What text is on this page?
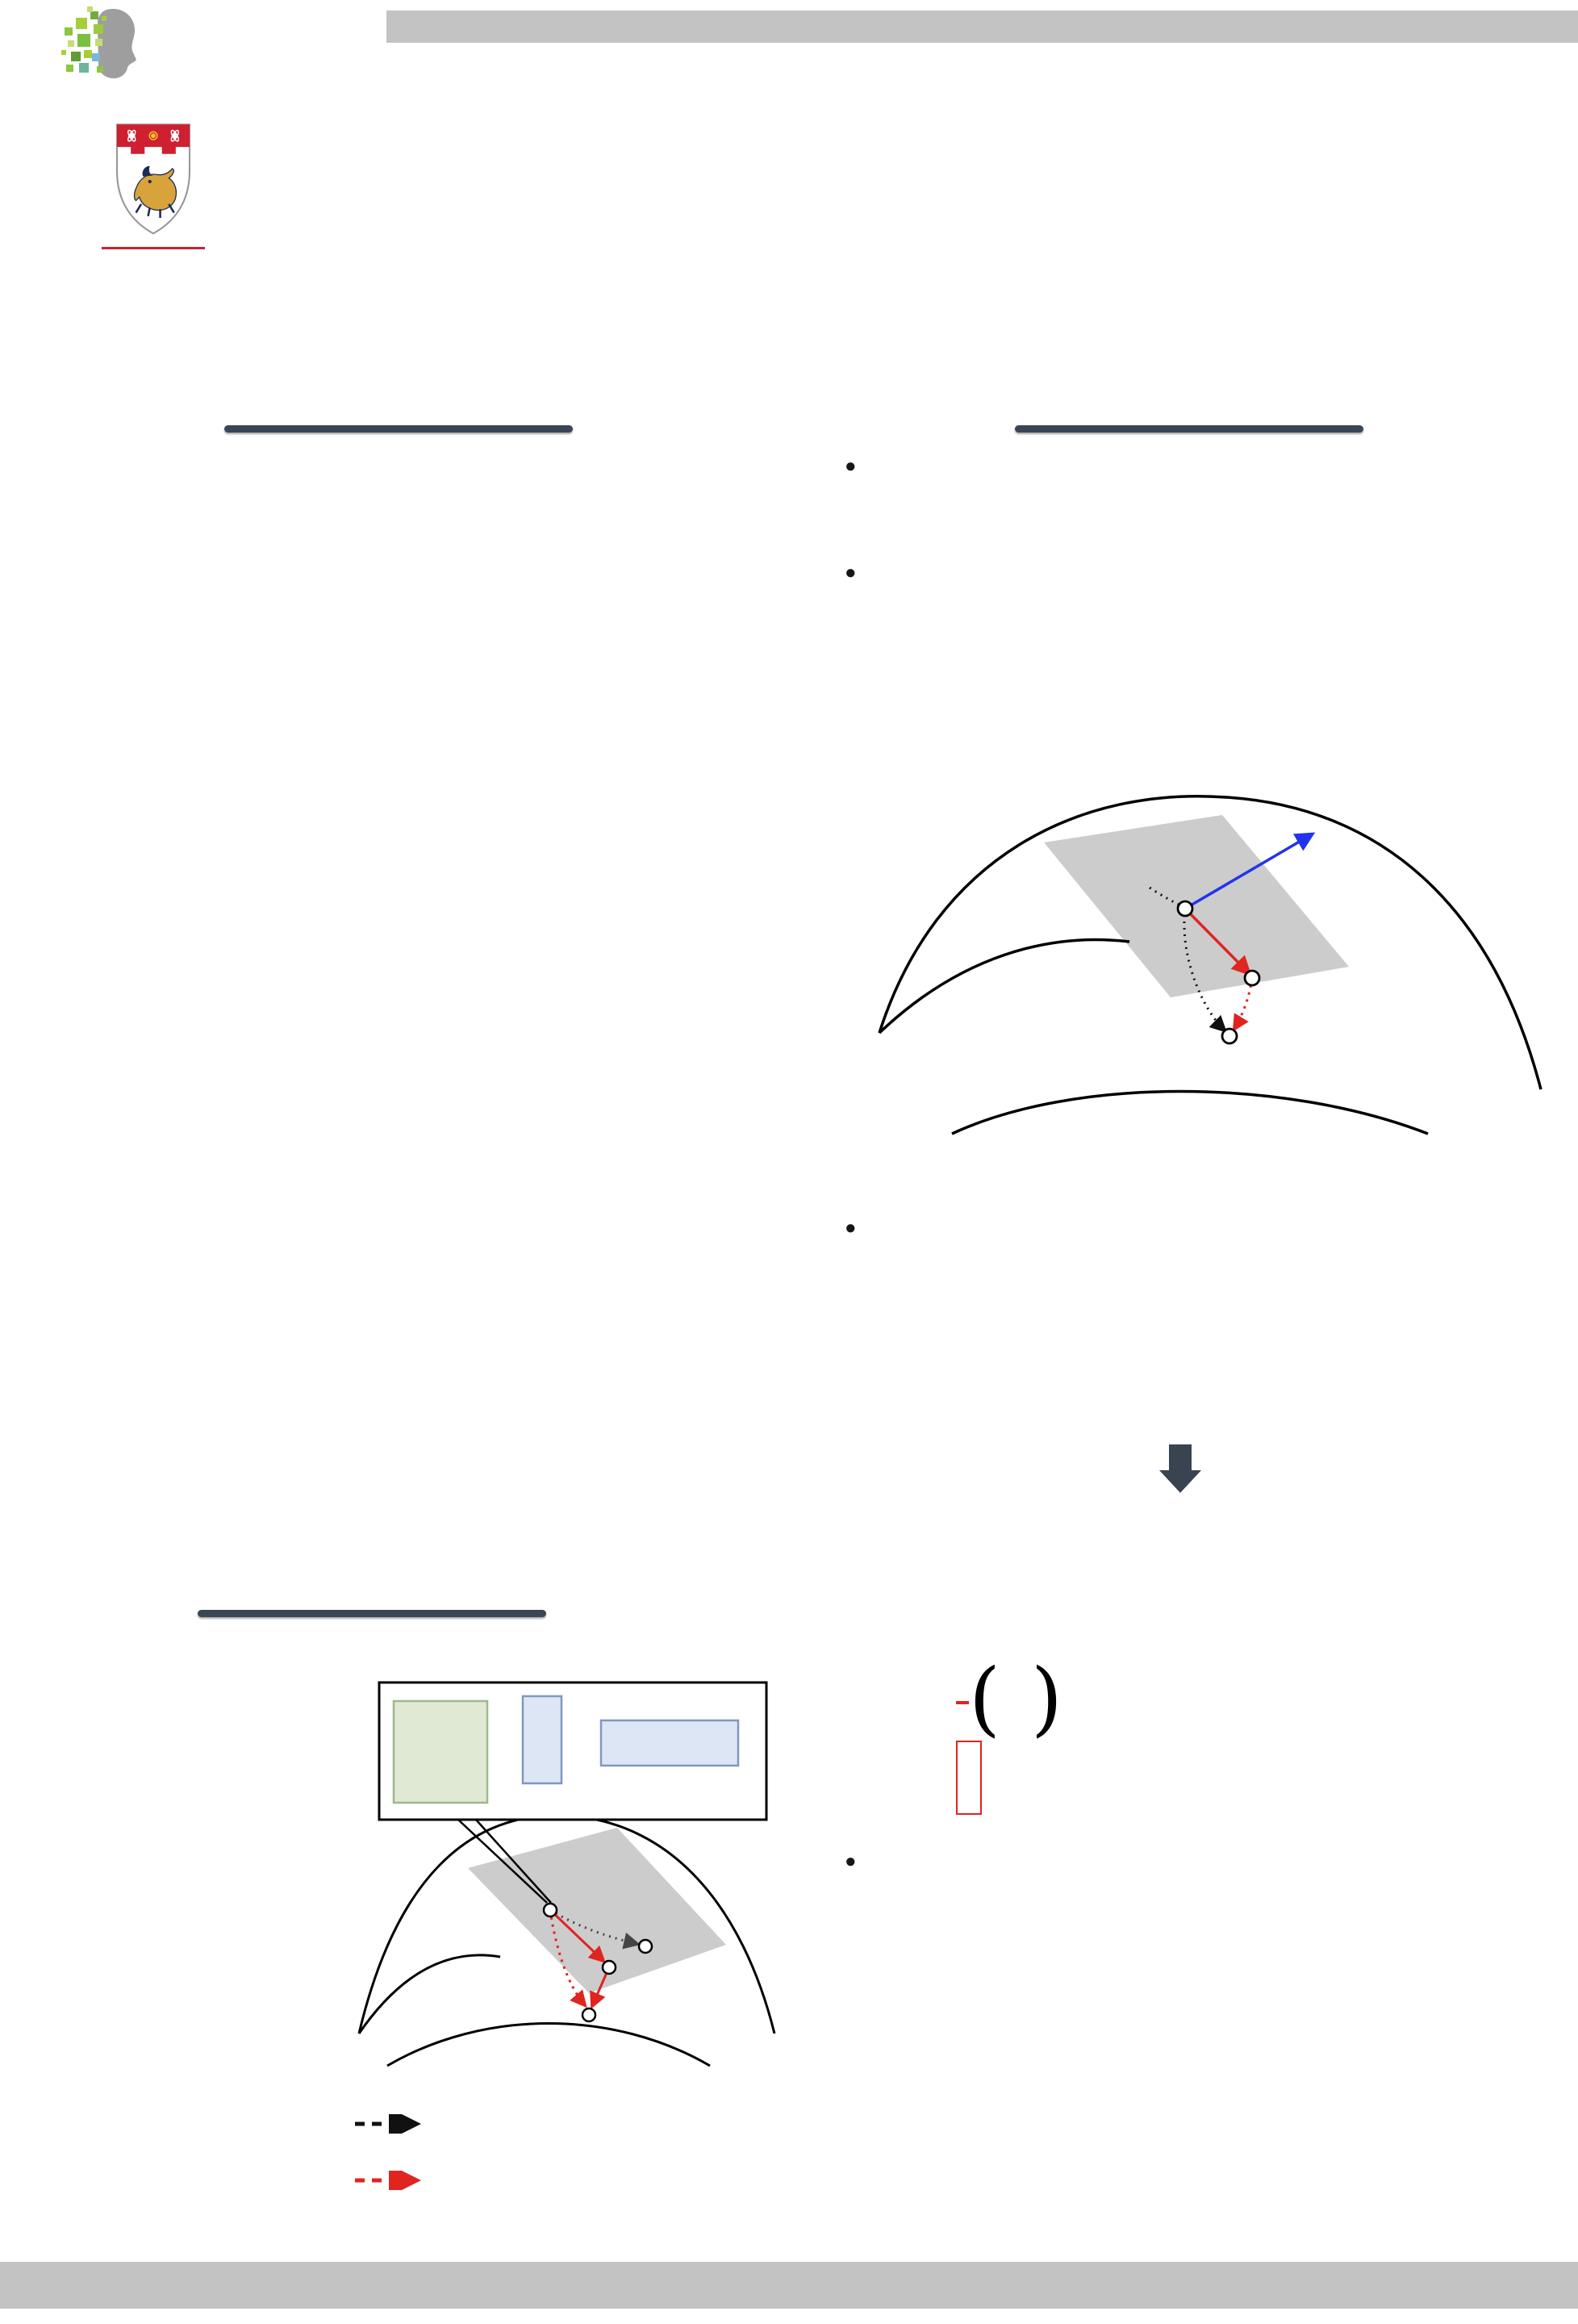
●
●
●
( )
●
